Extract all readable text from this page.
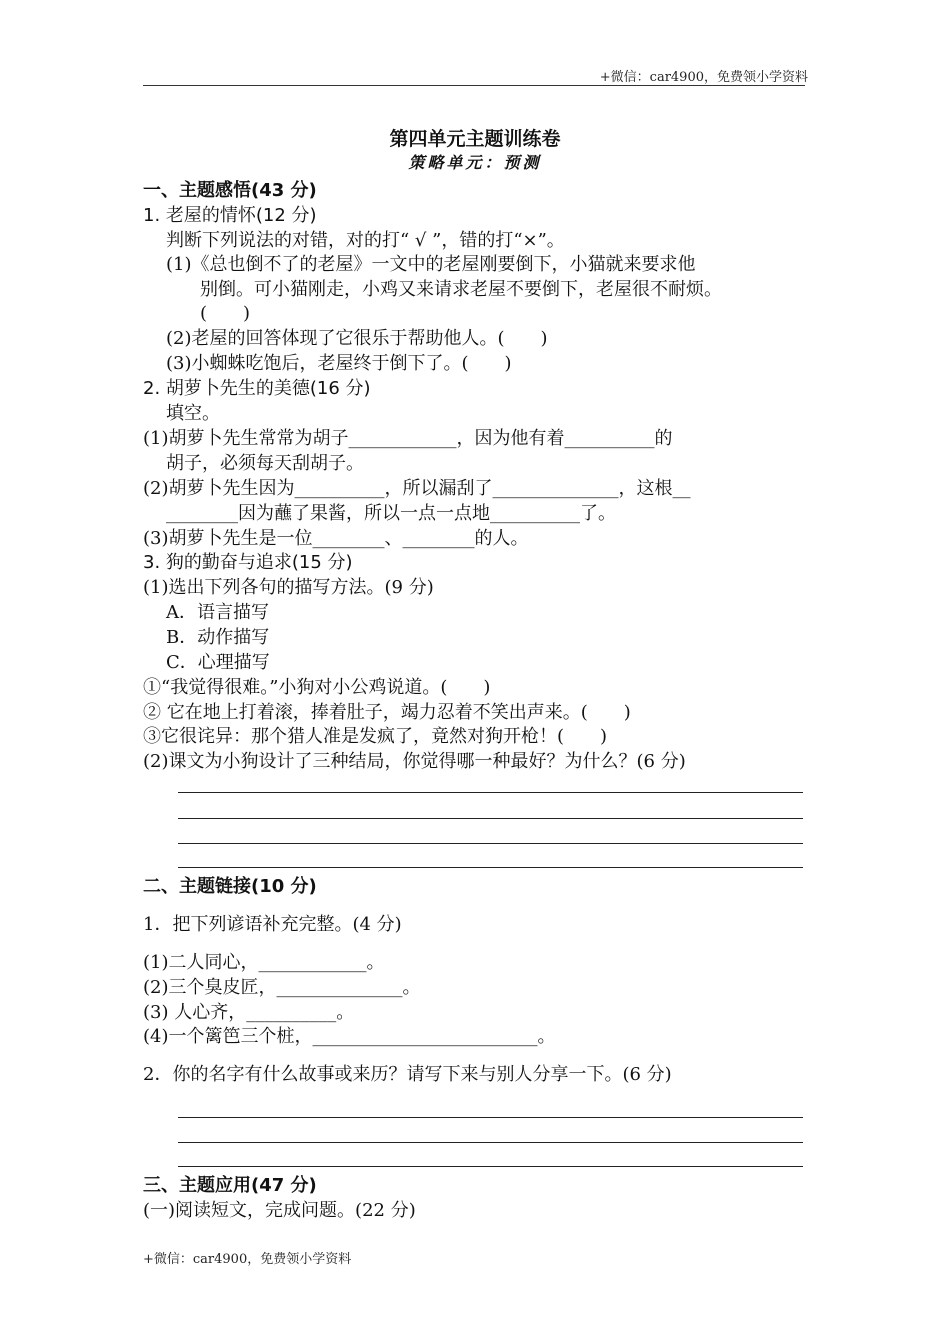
+微信：car4900，免费领小学资料
第四单元主题训练卷
策略单元：预测
一、主题感悟(43 分)
1. 老屋的情怀(12 分)
判断下列说法的对错，对的打“ √ ”，错的打“×”。
(1)《总也倒不了的老屋》一文中的老屋刚要倒下，小猫就来要求他
别倒。可小猫刚走，小鸡又来请求老屋不要倒下，老屋很不耐烦。
(　　)
(2)老屋的回答体现了它很乐于帮助他人。(　　)
(3)小蜘蛛吃饱后，老屋终于倒下了。(　　)
2. 胡萝卜先生的美德(16 分)
填空。
(1)胡萝卜先生常常为胡子____________，因为他有着__________的
胡子，必须每天刮胡子。
(2)胡萝卜先生因为__________，所以漏刮了______________，这根__
________因为蘸了果酱，所以一点一点地__________了。
(3)胡萝卜先生是一位________、________的人。
3. 狗的勤奋与追求(15 分)
(1)选出下列各句的描写方法。(9 分)
A．语言描写
B．动作描写
C．心理描写
①“我觉得很难。”小狗对小公鸡说道。(　　)
② 它在地上打着滚，捧着肚子，竭力忍着不笑出声来。(　　)
③它很诧异：那个猎人准是发疯了，竟然对狗开枪！(　　)
(2)课文为小狗设计了三种结局，你觉得哪一种最好？为什么？(6 分)
二、主题链接(10 分)
1．把下列谚语补充完整。(4 分)
(1)二人同心，____________。
(2)三个臭皮匠，______________。
(3) 人心齐，__________。
(4)一个篱笆三个桩，_________________________。
2．你的名字有什么故事或来历？请写下来与别人分享一下。(6 分)
三、主题应用(47 分)
(一)阅读短文，完成问题。(22 分)
+微信：car4900，免费领小学资料
